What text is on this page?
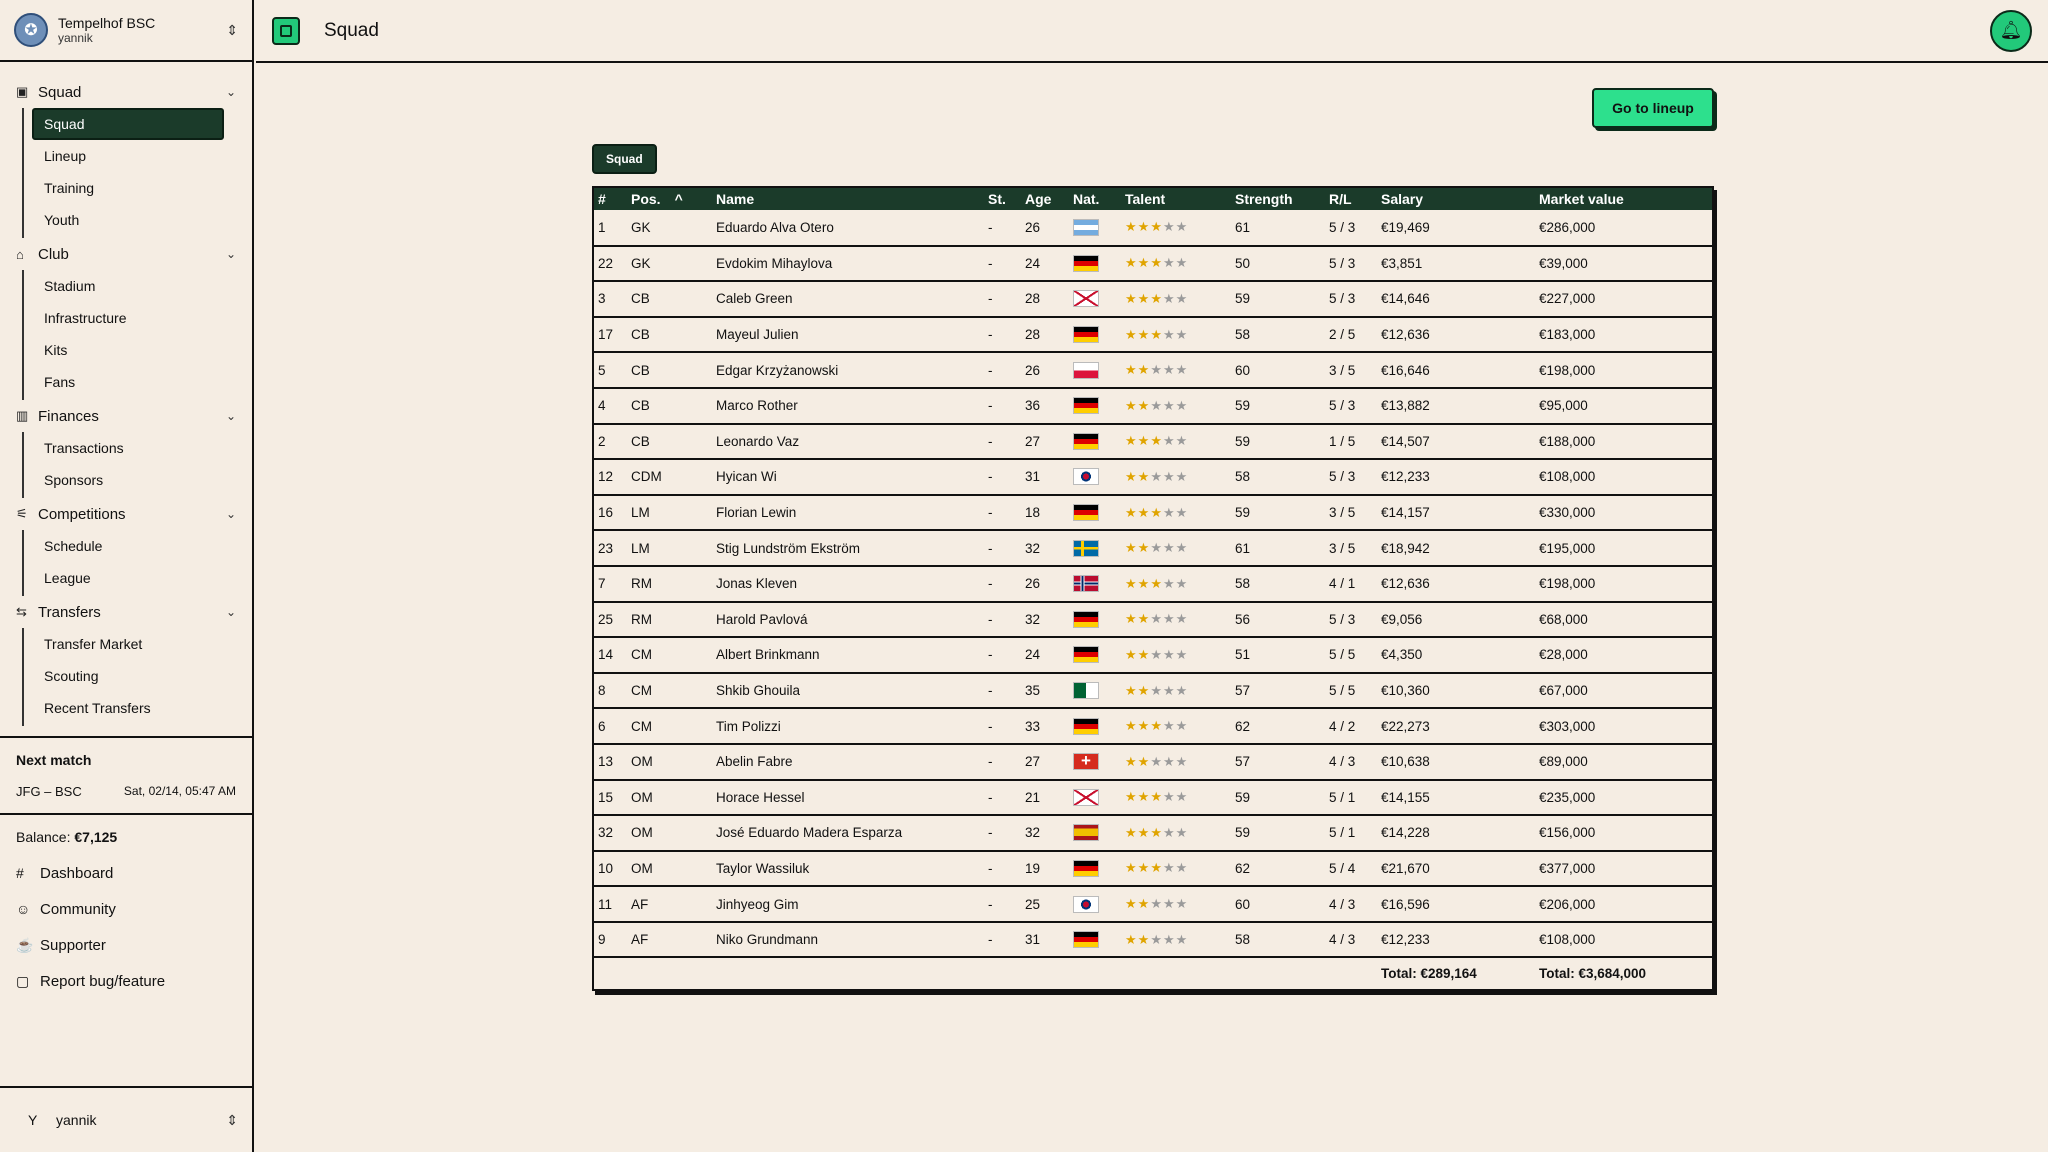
✪	Tempelhof BSC
yannik
⇕
▣ Squad	⌄
Squad
Lineup
Training
Youth
⌂ Club	⌄
Stadium
Infrastructure
Kits
Fans
▥ Finances	⌄
Transactions
Sponsors
⚟ Competitions	⌄
Schedule
League
⇆ Transfers	⌄
Transfer Market
Scouting
Recent Transfers
Next match
JFG – BSC	Sat, 02/14, 05:47 AM
Balance: €7,125
#	Dashboard
☺ Community
☕ Supporter
▢ Report bug/feature
Y	yannik	⇕
Squad	🔔︎
Go to lineup
Squad
#	Pos. ^	Name	St.	Age	Nat.	Talent	Strength	R/L	Salary	Market value
1	GK	Eduardo Alva Otero	-	26		★★★★★	61	5 / 3	€19,469	€286,000
22	GK	Evdokim Mihaylova	-	24		★★★★★	50	5 / 3	€3,851	€39,000
3	CB	Caleb Green	-	28		★★★★★	59	5 / 3	€14,646	€227,000
17	CB	Mayeul Julien	-	28		★★★★★	58	2 / 5	€12,636	€183,000
5	CB	Edgar Krzyżanowski	-	26		★★★★★	60	3 / 5	€16,646	€198,000
4	CB	Marco Rother	-	36		★★★★★	59	5 / 3	€13,882	€95,000
2	CB	Leonardo Vaz	-	27		★★★★★	59	1 / 5	€14,507	€188,000
12	CDM	Hyican Wi	-	31		★★★★★	58	5 / 3	€12,233	€108,000
16	LM	Florian Lewin	-	18		★★★★★	59	3 / 5	€14,157	€330,000
23	LM	Stig Lundström Ekström	-	32		★★★★★	61	3 / 5	€18,942	€195,000
7	RM	Jonas Kleven	-	26		★★★★★	58	4 / 1	€12,636	€198,000
25	RM	Harold Pavlová	-	32		★★★★★	56	5 / 3	€9,056	€68,000
14	CM	Albert Brinkmann	-	24		★★★★★	51	5 / 5	€4,350	€28,000
8	CM	Shkib Ghouila	-	35		★★★★★	57	5 / 5	€10,360	€67,000
6	CM	Tim Polizzi	-	33		★★★★★	62	4 / 2	€22,273	€303,000
13	OM	Abelin Fabre	-	27	+	★★★★★	57	4 / 3	€10,638	€89,000
15	OM	Horace Hessel	-	21		★★★★★	59	5 / 1	€14,155	€235,000
32	OM	José Eduardo Madera Esparza	-	32		★★★★★	59	5 / 1	€14,228	€156,000
10	OM	Taylor Wassiluk	-	19		★★★★★	62	5 / 4	€21,670	€377,000
11	AF	Jinhyeog Gim	-	25		★★★★★	60	4 / 3	€16,596	€206,000
9	AF	Niko Grundmann	-	31		★★★★★	58	4 / 3	€12,233	€108,000
									Total: €289,164	Total: €3,684,000
